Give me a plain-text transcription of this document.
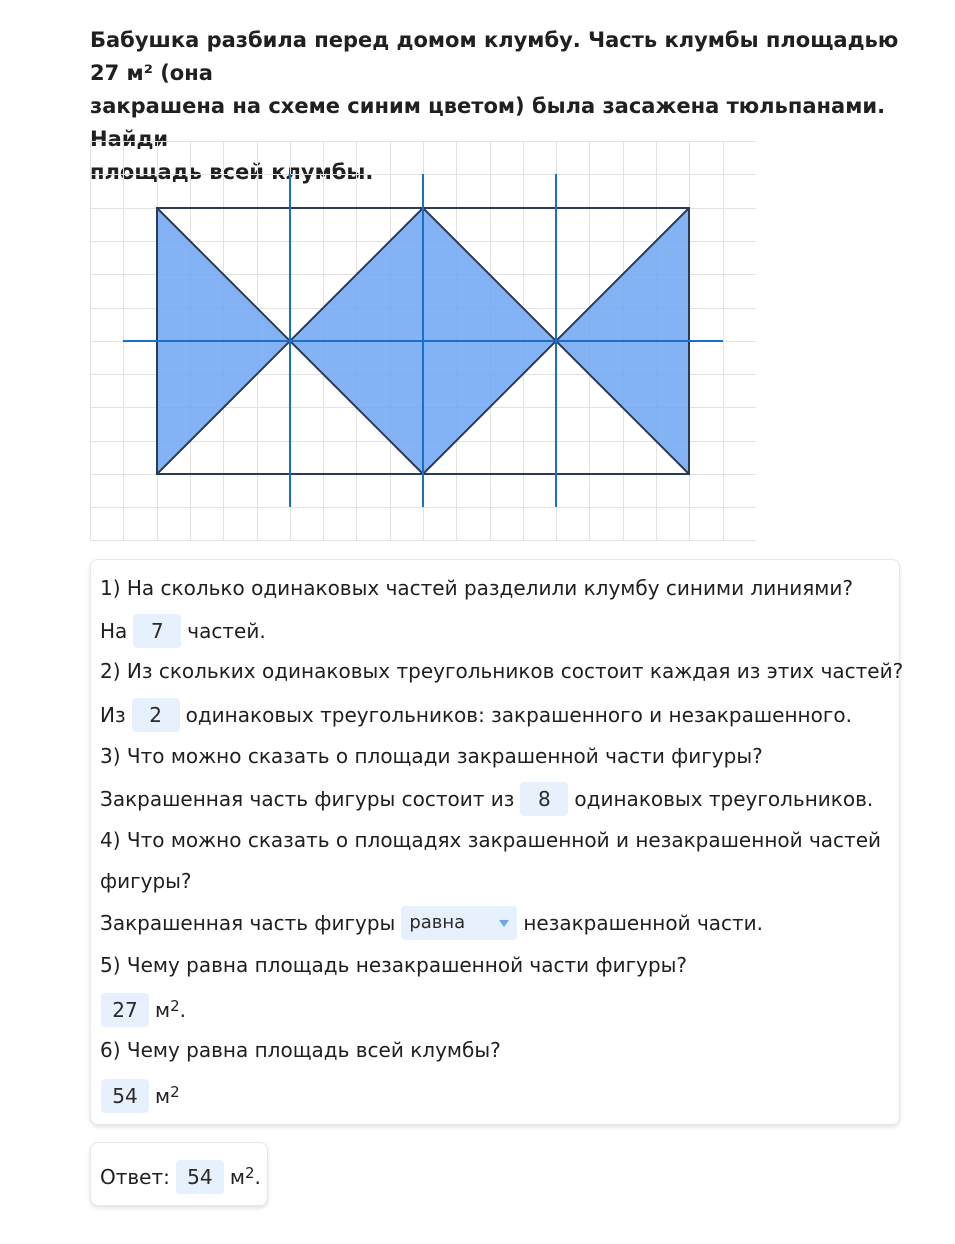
Бабушка разбила перед домом клумбу. Часть клумбы площадью 27 м² (она
закрашена на схеме синим цветом) была засажена тюльпанами. Найди
площадь всей клумбы.
1) На сколько одинаковых частей разделили клумбу синими линиями?
На	7	частей.
2) Из скольких одинаковых треугольников состоит каждая из этих частей?
Из	2	одинаковых треугольников: закрашенного и незакрашенного.
3) Что можно сказать о площади закрашенной части фигуры?
Закрашенная часть фигуры состоит из	8	одинаковых треугольников.
4) Что можно сказать о площадях закрашенной и незакрашенной частей
фигуры?
Закрашенная часть фигуры равна	незакрашенной части.
5) Чему равна площадь незакрашенной части фигуры?
27 $м^2$ .
6) Чему равна площадь всей клумбы?
54 $м^2$
Ответ: 54 $м^2$ .
